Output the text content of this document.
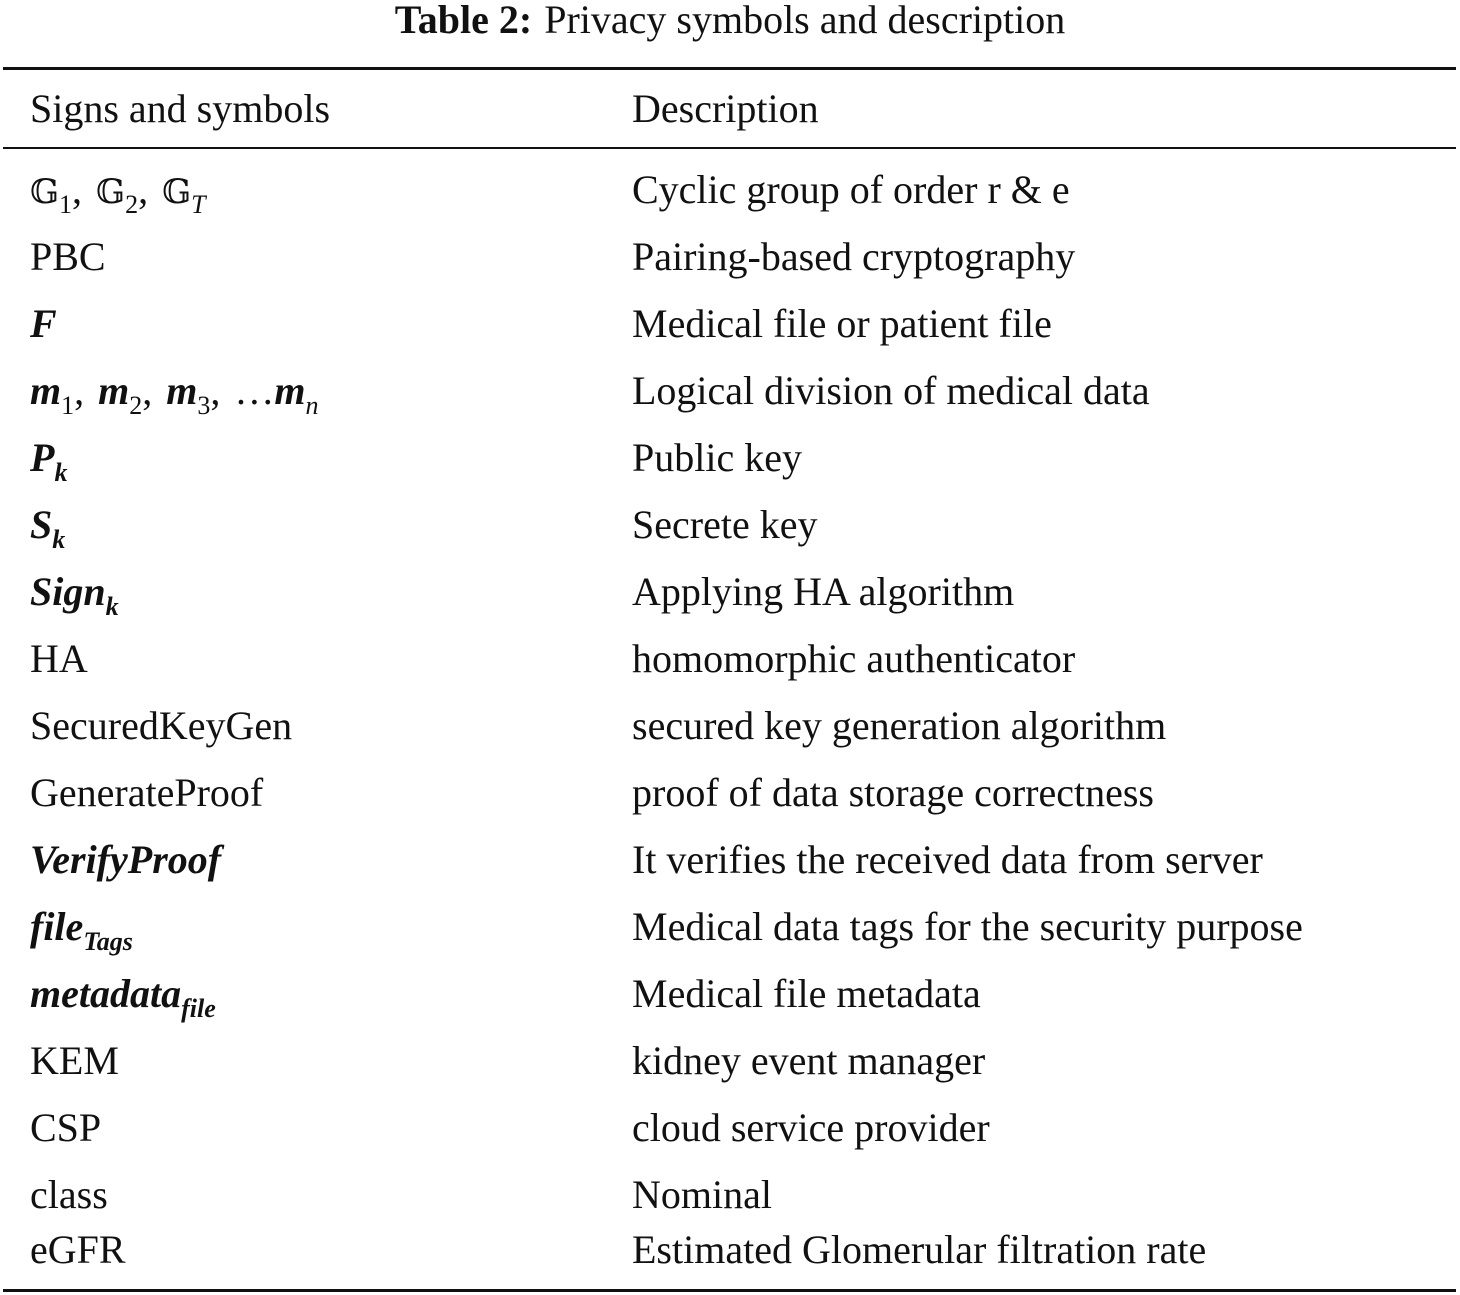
Table 2: Privacy symbols and description
Signs and symbols	Description
𝔾$_1$, 𝔾$_2$, 𝔾$_T$	Cyclic group of order r & e
PBC	Pairing-based cryptography
F	Medical file or patient file
$m_1$, $m_2$, $m_3$, $\dots m_n$	Logical division of medical data
$P_k$	Public key
$S_k$	Secrete key
Sign$_k$	Applying HA algorithm
HA	homomorphic authenticator
SecuredKeyGen	secured key generation algorithm
GenerateProof	proof of data storage correctness
VerifyProof	It verifies the received data from server
file$_{Tags}$	Medical data tags for the security purpose
metadata$_{file}$	Medical file metadata
KEM	kidney event manager
CSP	cloud service provider
class	Nominal
eGFR	Estimated Glomerular filtration rate
